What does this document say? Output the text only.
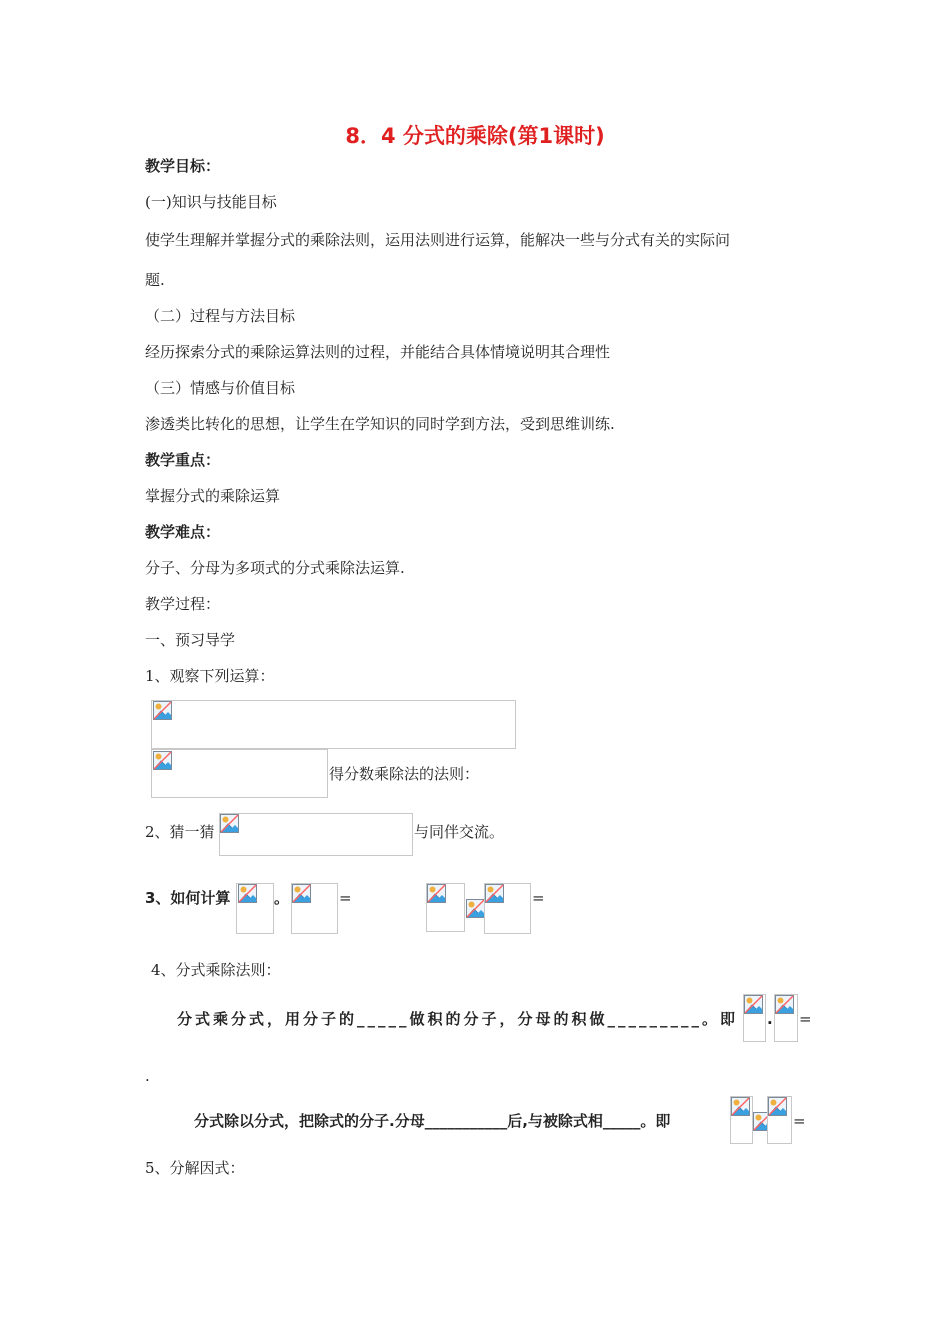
8．4 分式的乘除(第1课时)
教学目标：
(一)知识与技能目标
使学生理解并掌握分式的乘除法则，运用法则进行运算，能解决一些与分式有关的实际问
题.
（二）过程与方法目标
经历探索分式的乘除运算法则的过程，并能结合具体情境说明其合理性
（三）情感与价值目标
渗透类比转化的思想，让学生在学知识的同时学到方法，受到思维训练.
教学重点：
掌握分式的乘除运算
教学难点：
分子、分母为多项式的分式乘除法运算.
教学过程：
一、预习导学
1、观察下列运算：
得分数乘除法的法则：
2、猜一猜	与同伴交流。
3、如何计算	。	=	=
4、分式乘除法则：
分式乘分式，用分子的_____做积的分子，分母的积做_________。即 . =
.
分式除以分式，把除式的分子.分母___________后,与被除式相_____。即	=
5、分解因式：
